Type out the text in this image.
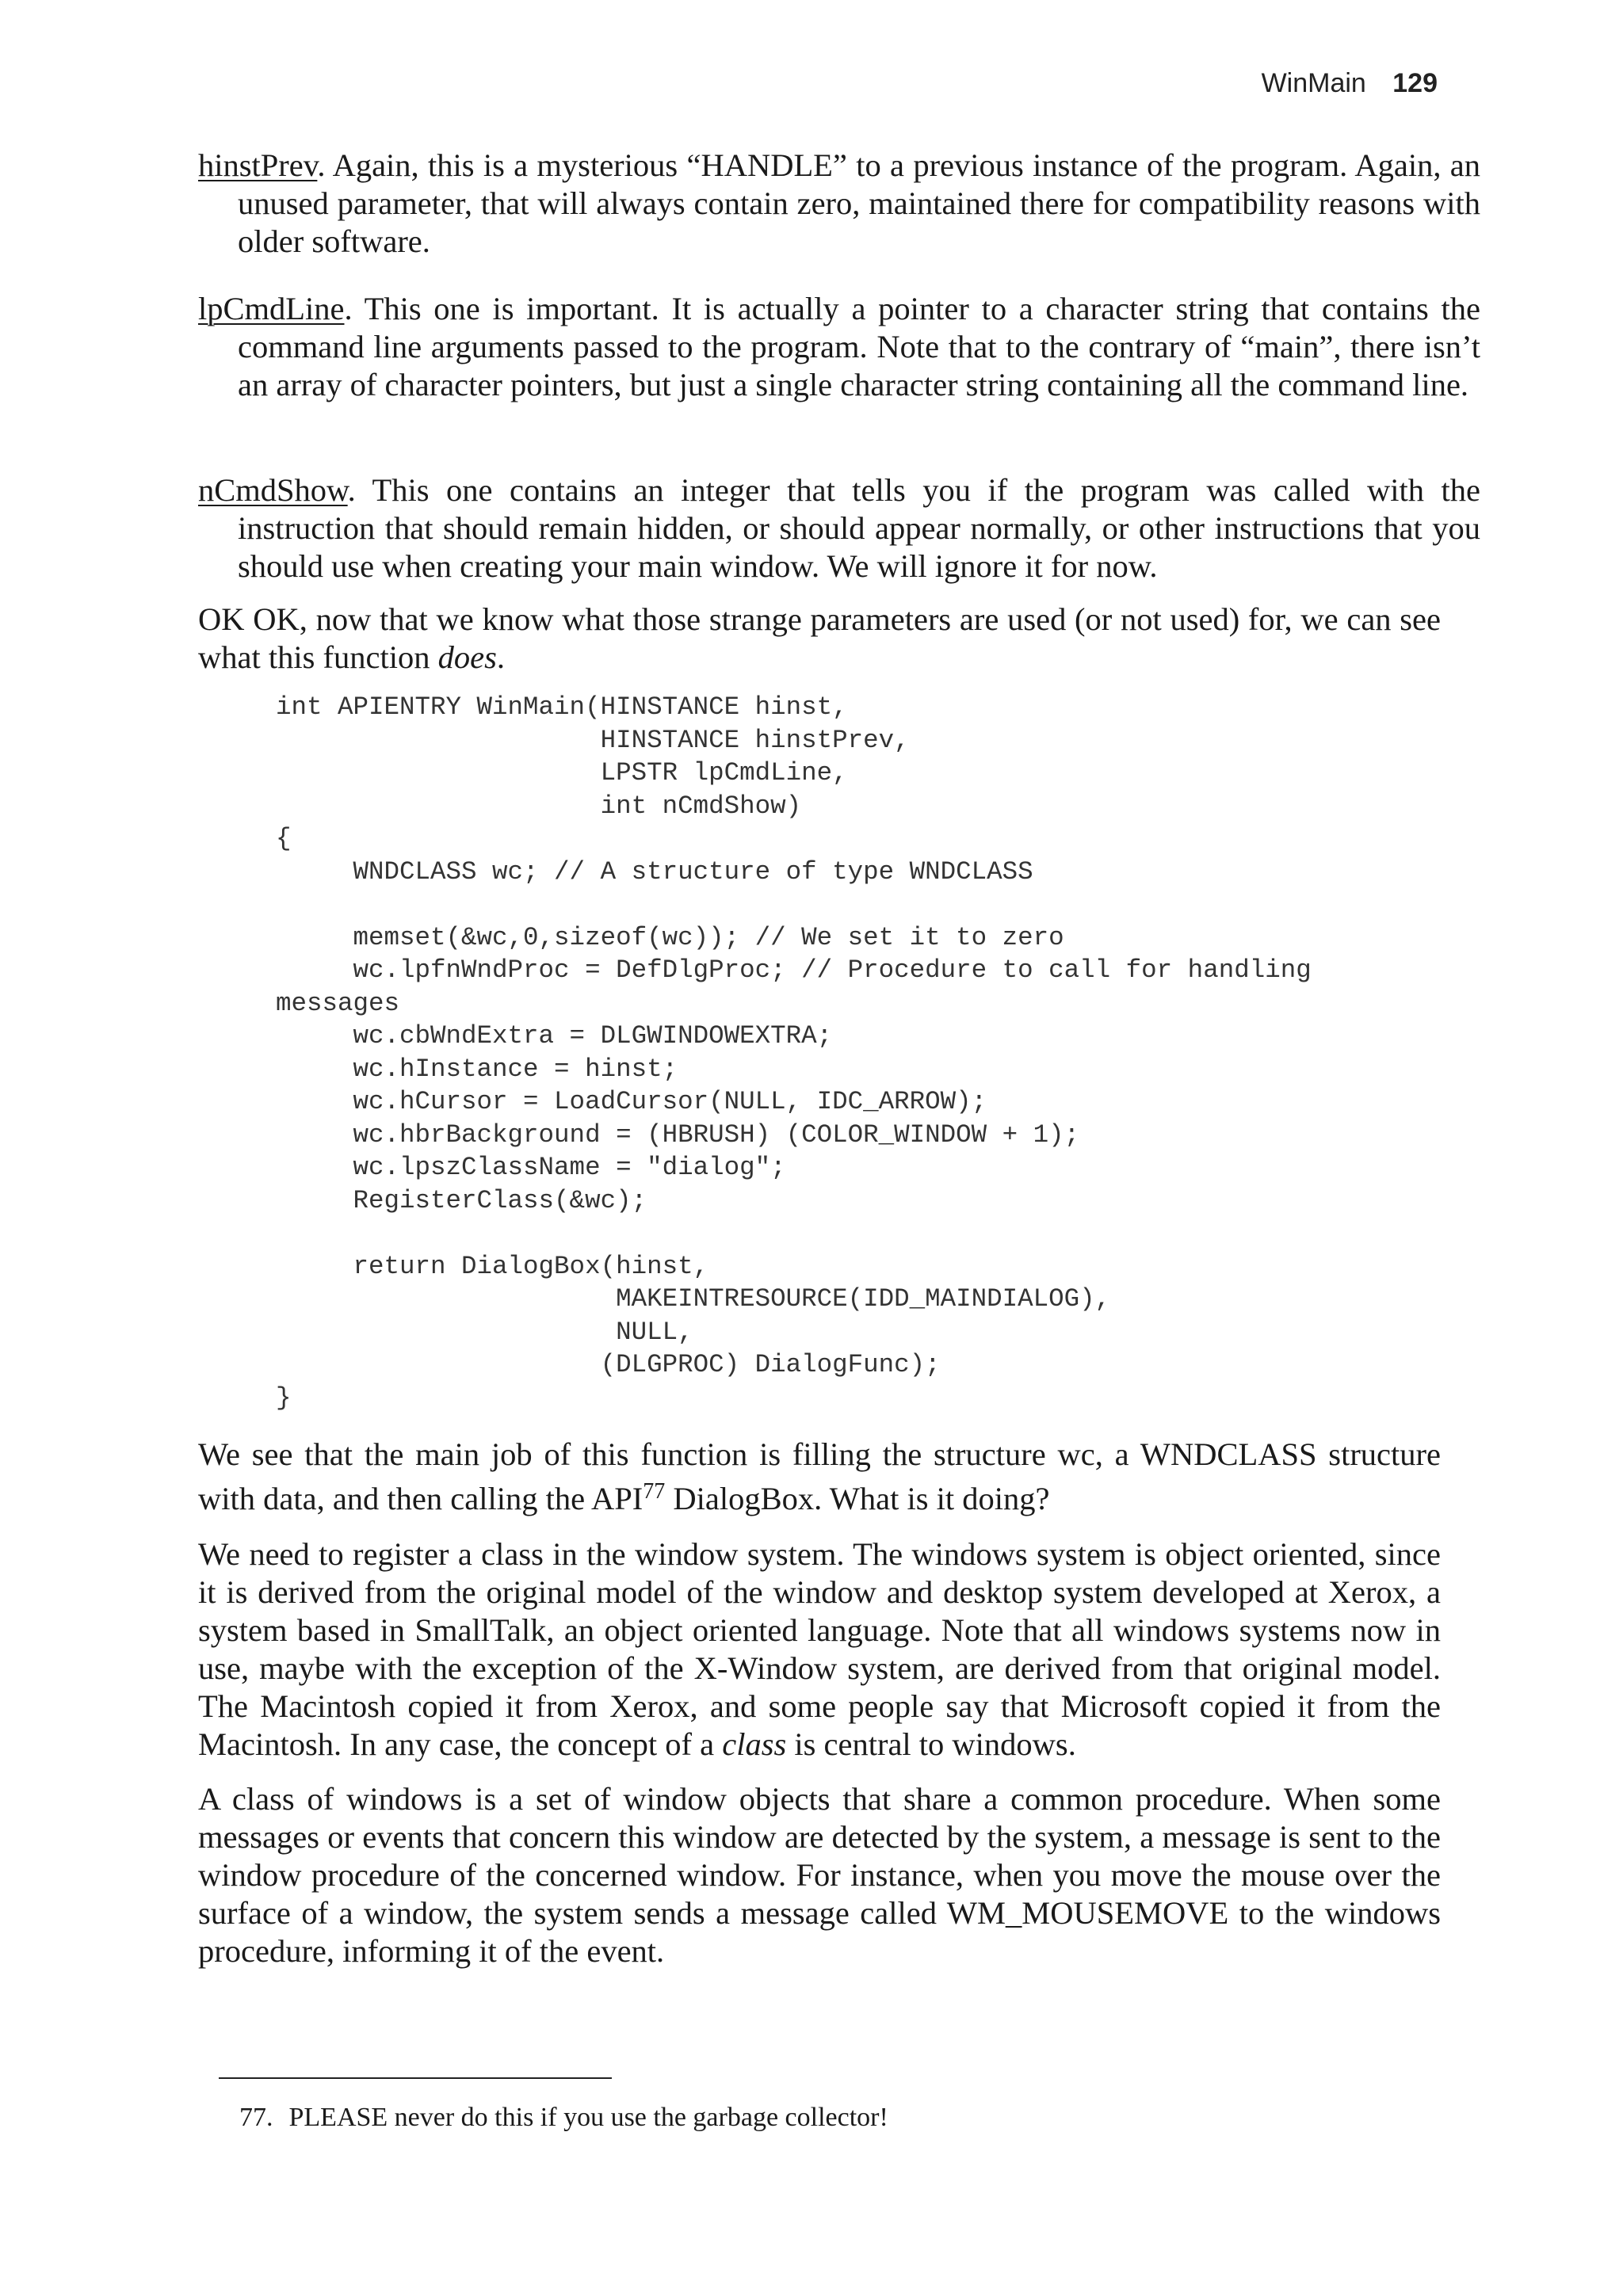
WinMain 129

hinstPrev. Again, this is a mysterious “HANDLE” to a previous instance of the program. Again, an unused parameter, that will always contain zero, maintained there for compatibility reasons with older software.

lpCmdLine. This one is important. It is actually a pointer to a character string that contains the command line arguments passed to the program. Note that to the contrary of “main”, there isn’t an array of character pointers, but just a single character string containing all the command line.

nCmdShow. This one contains an integer that tells you if the program was called with the instruction that should remain hidden, or should appear normally, or other instructions that you should use when creating your main window. We will ignore it for now.

OK OK, now that we know what those strange parameters are used (or not used) for, we can see what this function does.

int APIENTRY WinMain(HINSTANCE hinst,
HINSTANCE hinstPrev,
LPSTR lpCmdLine,
int nCmdShow)
{
WNDCLASS wc; // A structure of type WNDCLASS
memset(&wc,0,sizeof(wc)); // We set it to zero
wc.lpfnWndProc = DefDlgProc; // Procedure to call for handling
messages
wc.cbWndExtra = DLGWINDOWEXTRA;
wc.hInstance = hinst;
wc.hCursor = LoadCursor(NULL, IDC_ARROW);
wc.hbrBackground = (HBRUSH) (COLOR_WINDOW + 1);
wc.lpszClassName = "dialog";
RegisterClass(&wc);
return DialogBox(hinst,
MAKEINTRESOURCE(IDD_MAINDIALOG),
NULL,
(DLGPROC) DialogFunc);
}

We see that the main job of this function is filling the structure wc, a WNDCLASS structure with data, and then calling the API$^{77}$ DialogBox. What is it doing?

We need to register a class in the window system. The windows system is object oriented, since it is derived from the original model of the window and desktop system developed at Xerox, a system based in SmallTalk, an object oriented language. Note that all windows systems now in use, maybe with the exception of the X-Window system, are derived from that original model. The Macintosh copied it from Xerox, and some people say that Microsoft copied it from the Macintosh. In any case, the concept of a class is central to windows.

A class of windows is a set of window objects that share a common procedure. When some messages or events that concern this window are detected by the system, a message is sent to the window procedure of the concerned window. For instance, when you move the mouse over the surface of a window, the system sends a message called WM_MOUSEMOVE to the windows procedure, informing it of the event.

77. PLEASE never do this if you use the garbage collector!
